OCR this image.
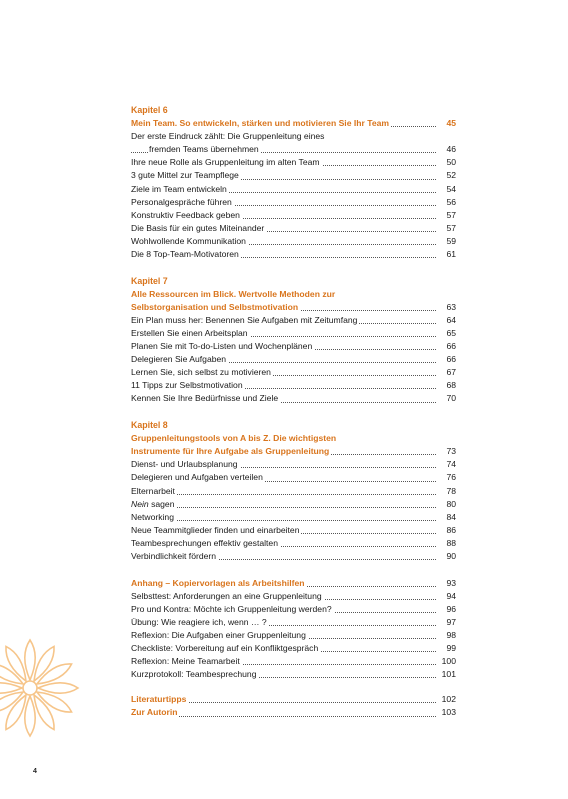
Kapitel 6
Mein Team. So entwickeln, stärken und motivieren Sie Ihr Team	45
Der erste Eindruck zählt: Die Gruppenleitung eines
fremden Teams übernehmen	46
Ihre neue Rolle als Gruppenleitung im alten Team	50
3 gute Mittel zur Teampflege	52
Ziele im Team entwickeln	54
Personalgespräche führen	56
Konstruktiv Feedback geben	57
Die Basis für ein gutes Miteinander	57
Wohlwollende Kommunikation	59
Die 8 Top-Team-Motivatoren	61
Kapitel 7
Alle Ressourcen im Blick. Wertvolle Methoden zur
Selbstorganisation und Selbstmotivation	63
Ein Plan muss her: Benennen Sie Aufgaben mit Zeitumfang	64
Erstellen Sie einen Arbeitsplan	65
Planen Sie mit To-do-Listen und Wochenplänen	66
Delegieren Sie Aufgaben	66
Lernen Sie, sich selbst zu motivieren	67
11 Tipps zur Selbstmotivation	68
Kennen Sie Ihre Bedürfnisse und Ziele	70
Kapitel 8
Gruppenleitungstools von A bis Z. Die wichtigsten
Instrumente für Ihre Aufgabe als Gruppenleitung	73
Dienst- und Urlaubsplanung	74
Delegieren und Aufgaben verteilen	76
Elternarbeit	78
Nein sagen	80
Networking	84
Neue Teammitglieder finden und einarbeiten	86
Teambesprechungen effektiv gestalten	88
Verbindlichkeit fördern	90
Anhang – Kopiervorlagen als Arbeitshilfen	93
Selbsttest: Anforderungen an eine Gruppenleitung	94
Pro und Kontra: Möchte ich Gruppenleitung werden?	96
Übung: Wie reagiere ich, wenn … ?	97
Reflexion: Die Aufgaben einer Gruppenleitung	98
Checkliste: Vorbereitung auf ein Konfliktgespräch	99
Reflexion: Meine Teamarbeit	100
Kurzprotokoll: Teambesprechung	101
Literaturtipps	102
Zur Autorin	103
4
